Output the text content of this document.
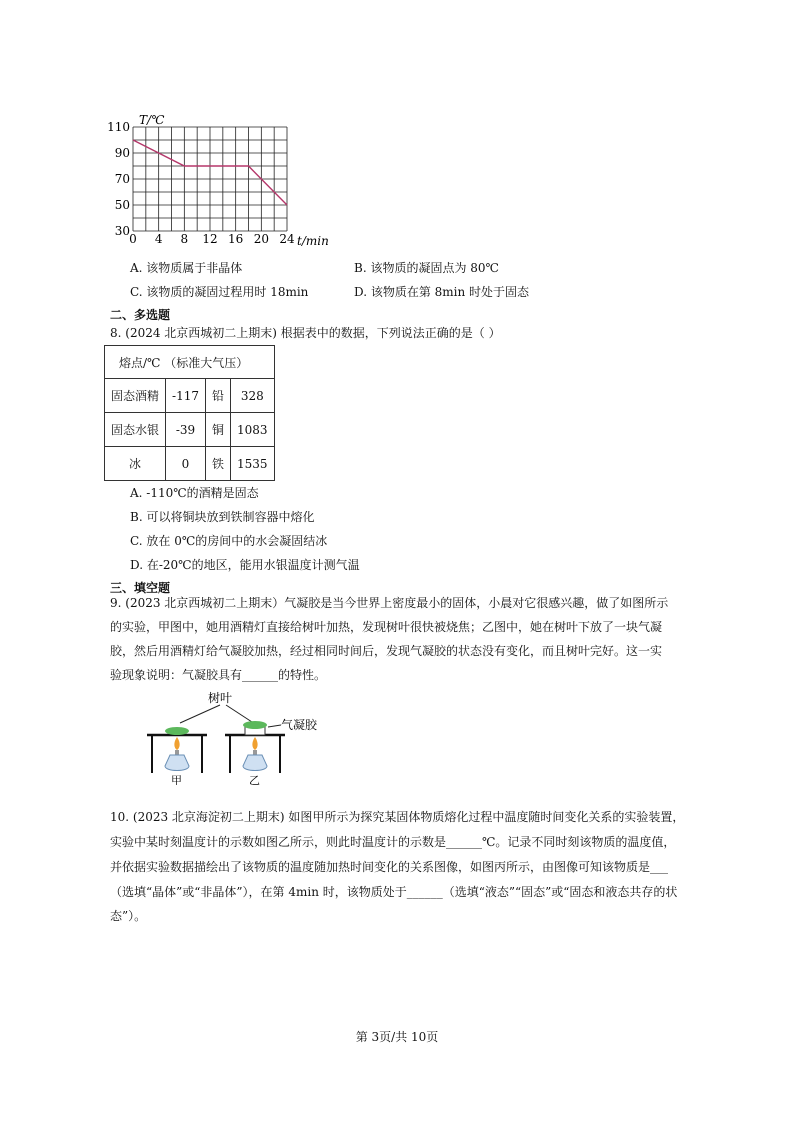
30
50
70
90
110
0 4 8 12 16 20 24
T/℃
t/min
A. 该物质属于非晶体	B. 该物质的凝固点为 80℃
C. 该物质的凝固过程用时 18min	D. 该物质在第 8min 时处于固态
二、多选题
8. (2024 北京西城初二上期末) 根据表中的数据，下列说法正确的是（ ）
熔点/℃ （标准大气压）			
固态酒精	-117	铅	328
固态水银	-39	铜	1083
冰	0	铁	1535
A. -110℃的酒精是固态
B. 可以将铜块放到铁制容器中熔化
C. 放在 0℃的房间中的水会凝固结冰
D. 在-20℃的地区，能用水银温度计测气温
三、填空题
9. (2023 北京西城初二上期末）气凝胶是当今世界上密度最小的固体，小晨对它很感兴趣，做了如图所示
的实验，甲图中，她用酒精灯直接给树叶加热，发现树叶很快被烧焦；乙图中，她在树叶下放了一块气凝
胶，然后用酒精灯给气凝胶加热，经过相同时间后，发现气凝胶的状态没有变化，而且树叶完好。这一实
验现象说明：气凝胶具有______的特性。
树叶
气凝胶
甲	乙
10. (2023 北京海淀初二上期末) 如图甲所示为探究某固体物质熔化过程中温度随时间变化关系的实验装置，
实验中某时刻温度计的示数如图乙所示，则此时温度计的示数是______℃。记录不同时刻该物质的温度值，
并依据实验数据描绘出了该物质的温度随加热时间变化的关系图像，如图丙所示，由图像可知该物质是___
（选填“晶体”或“非晶体”），在第 4min 时，该物质处于______（选填“液态”“固态”或“固态和液态共存的状
态”）。
第 3页/共 10页
